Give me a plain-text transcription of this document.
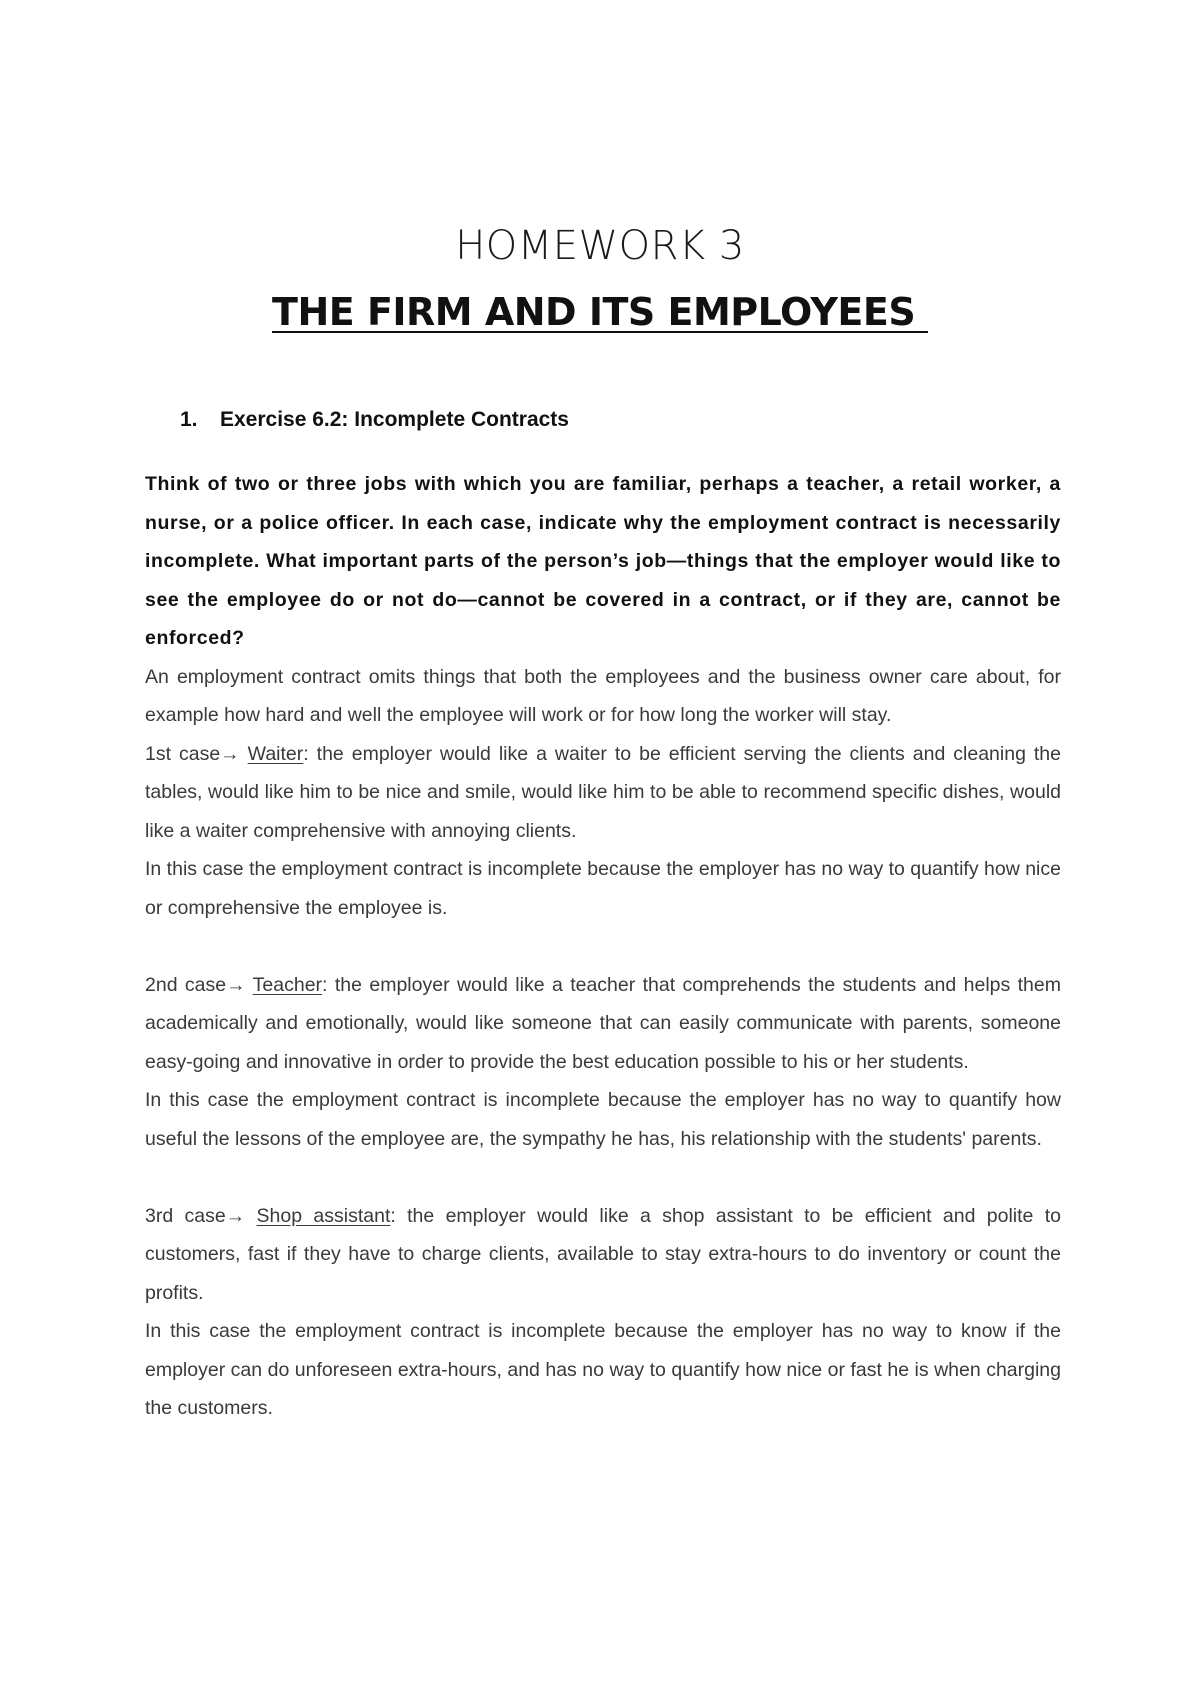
HOMEWORK 3
THE FIRM AND ITS EMPLOYEES
1. Exercise 6.2: Incomplete Contracts

Think of two or three jobs with which you are familiar, perhaps a teacher, a retail worker, a nurse, or a police officer. In each case, indicate why the employment contract is necessarily incomplete. What important parts of the person’s job—things that the employer would like to see the employee do or not do—cannot be covered in a contract, or if they are, cannot be enforced?

An employment contract omits things that both the employees and the business owner care about, for example how hard and well the employee will work or for how long the worker will stay.

1st case→ Waiter: the employer would like a waiter to be efficient serving the clients and cleaning the tables, would like him to be nice and smile, would like him to be able to recommend specific dishes, would like a waiter comprehensive with annoying clients.

In this case the employment contract is incomplete because the employer has no way to quantify how nice or comprehensive the employee is.

2nd case→ Teacher: the employer would like a teacher that comprehends the students and helps them academically and emotionally, would like someone that can easily communicate with parents, someone easy-going and innovative in order to provide the best education possible to his or her students.

In this case the employment contract is incomplete because the employer has no way to quantify how useful the lessons of the employee are, the sympathy he has, his relationship with the students' parents.

3rd case→ Shop assistant: the employer would like a shop assistant to be efficient and polite to customers, fast if they have to charge clients, available to stay extra-hours to do inventory or count the profits.

In this case the employment contract is incomplete because the employer has no way to know if the employer can do unforeseen extra-hours, and has no way to quantify how nice or fast he is when charging the customers.
